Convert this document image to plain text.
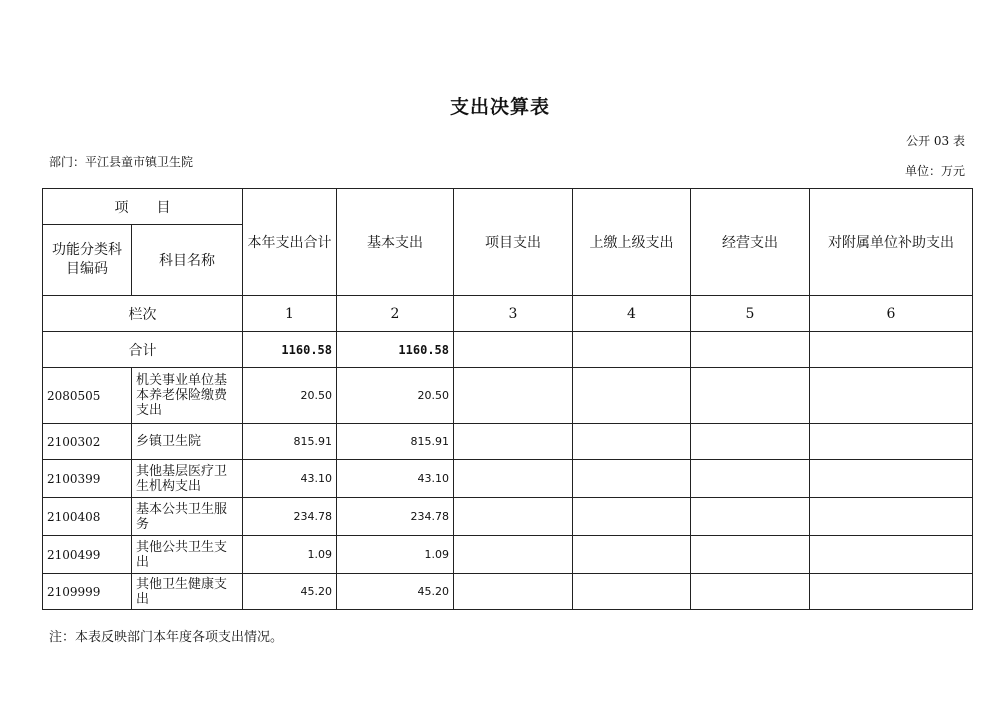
支出决算表
公开 03 表
部门：平江县童市镇卫生院
单位：万元
项　　目		本年支出合计	基本支出	项目支出	上缴上级支出	经营支出	对附属单位补助支出
功能分类科目编码	科目名称						
栏次		1	2	3	4	5	6
合计		1160.58	1160.58				
2080505	机关事业单位基本养老保险缴费支出	20.50	20.50				
2100302	乡镇卫生院	815.91	815.91				
2100399	其他基层医疗卫生机构支出	43.10	43.10				
2100408	基本公共卫生服务	234.78	234.78				
2100499	其他公共卫生支出	1.09	1.09				
2109999	其他卫生健康支出	45.20	45.20				
注：本表反映部门本年度各项支出情况。
